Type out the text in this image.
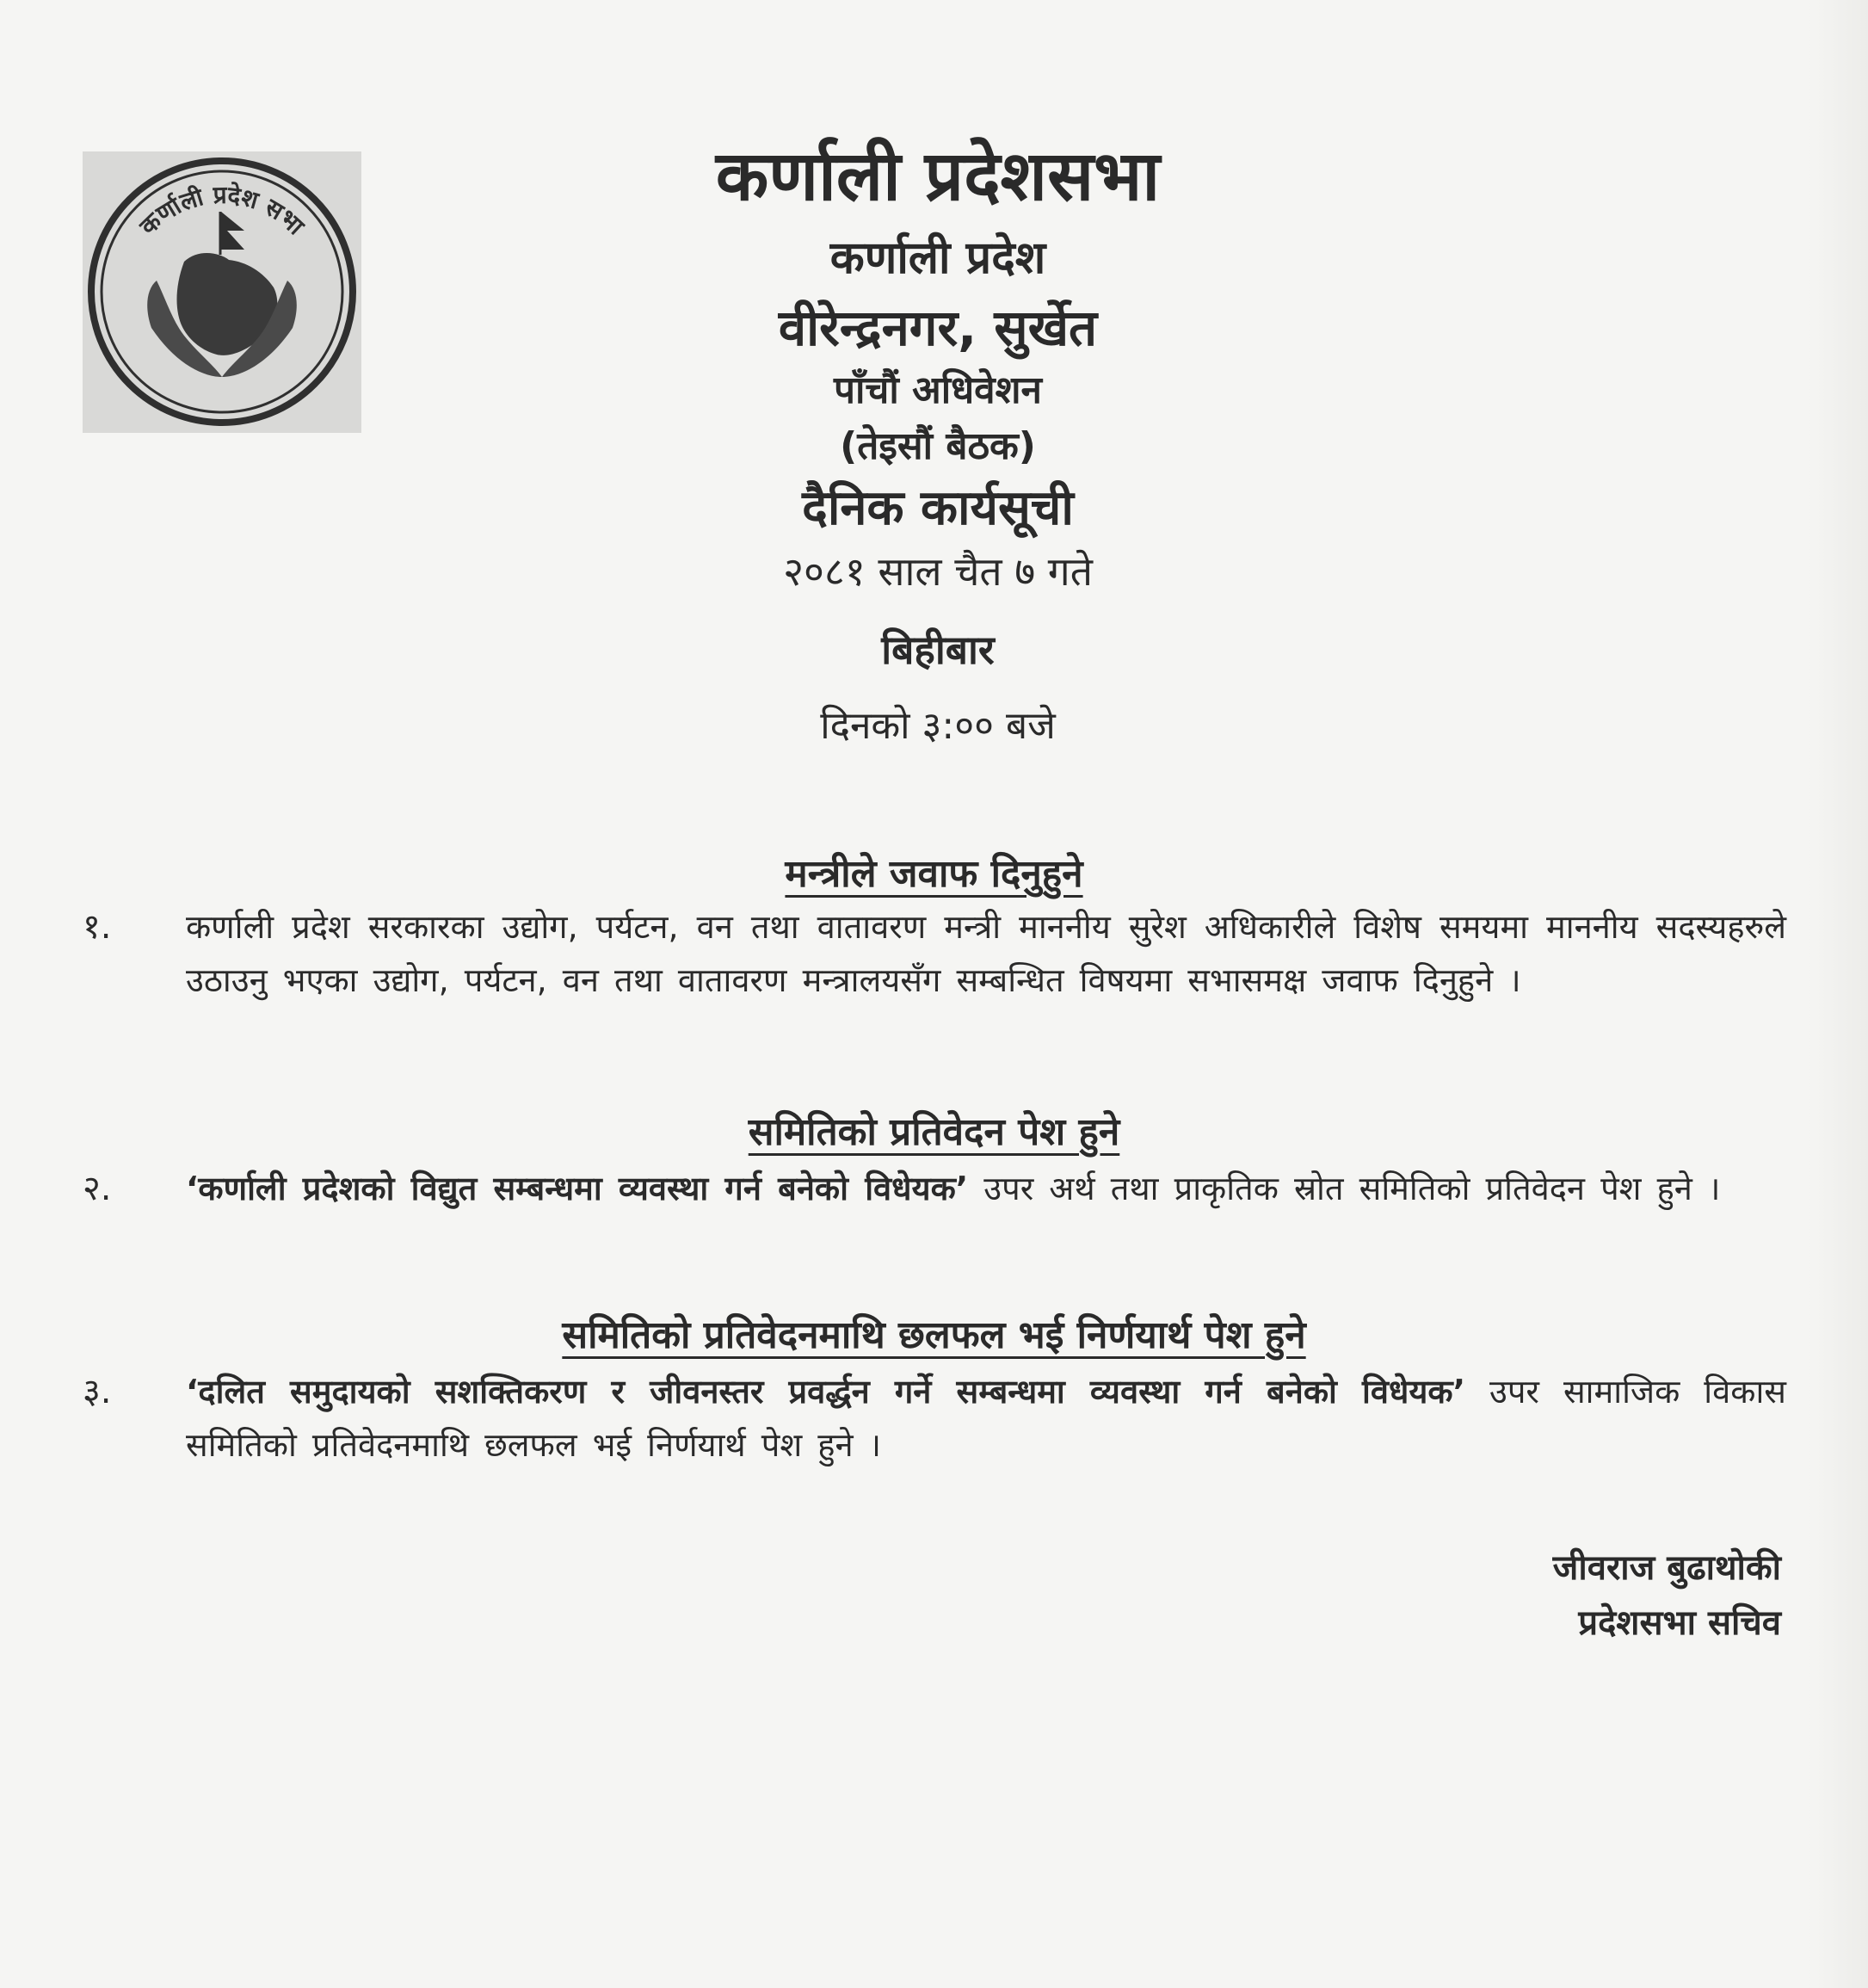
कर्णाली प्रदेश सभा
कर्णाली प्रदेशसभा
कर्णाली प्रदेश
वीरेन्द्रनगर, सुर्खेत
पाँचौं अधिवेशन
(तेइसौं बैठक)
दैनिक कार्यसूची
२०८१ साल चैत ७ गते
बिहीबार
दिनको ३:०० बजे
मन्त्रीले जवाफ दिनुहुने
१.	कर्णाली प्रदेश सरकारका उद्योग, पर्यटन, वन तथा वातावरण मन्त्री माननीय सुरेश अधिकारीले विशेष समयमा माननीय सदस्यहरुले उठाउनु भएका उद्योग, पर्यटन, वन तथा वातावरण मन्त्रालयसँग सम्बन्धित विषयमा सभासमक्ष जवाफ दिनुहुने ।
समितिको प्रतिवेदन पेश हुने
२.	‘कर्णाली प्रदेशको विद्युत सम्बन्धमा व्यवस्था गर्न बनेको विधेयक’ उपर अर्थ तथा प्राकृतिक स्रोत समितिको प्रतिवेदन पेश हुने ।
समितिको प्रतिवेदनमाथि छलफल भई निर्णयार्थ पेश हुने
३.	‘दलित समुदायको सशक्तिकरण र जीवनस्तर प्रवर्द्धन गर्ने सम्बन्धमा व्यवस्था गर्न बनेको विधेयक’ उपर सामाजिक विकास समितिको प्रतिवेदनमाथि छलफल भई निर्णयार्थ पेश हुने ।
जीवराज बुढाथोकी
प्रदेशसभा सचिव
